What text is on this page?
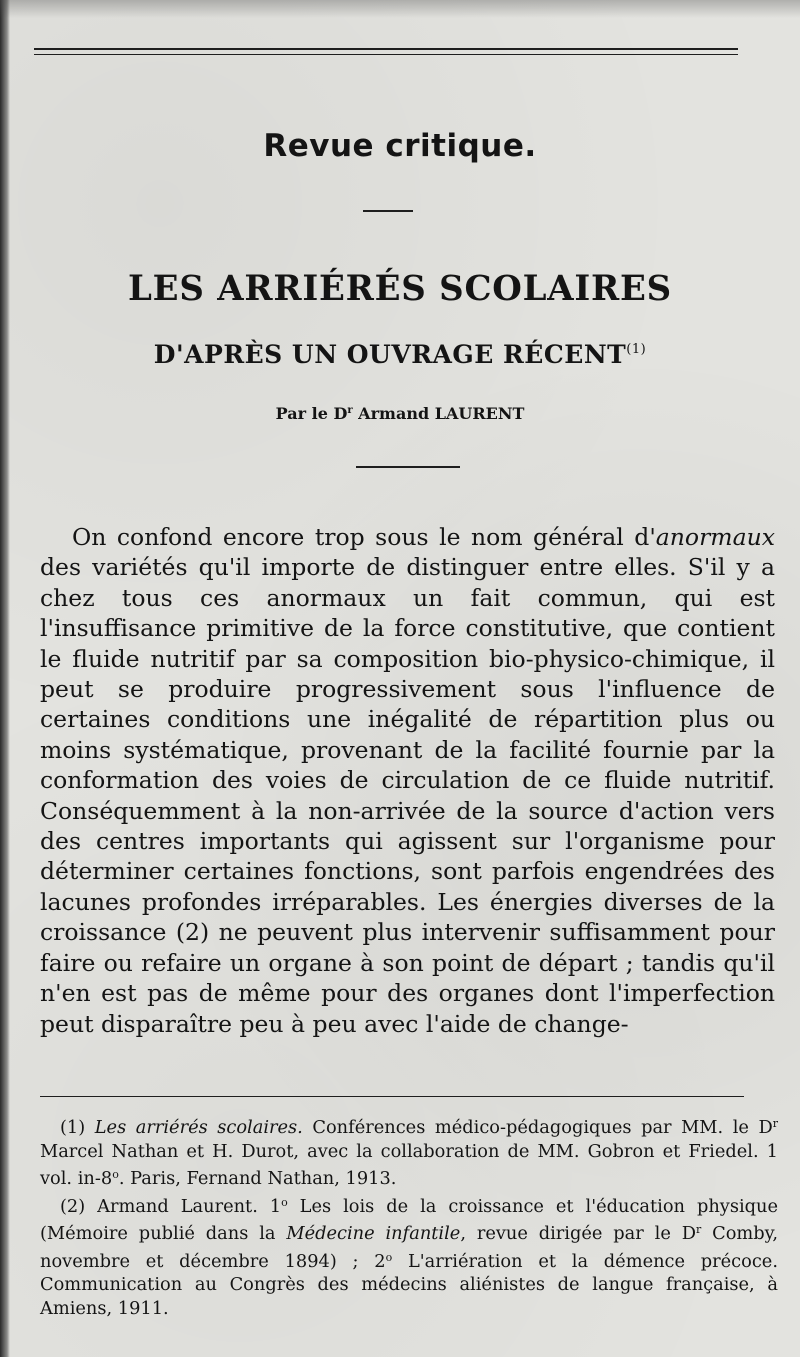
Revue critique.
LES ARRIÉRÉS SCOLAIRES
D'APRÈS UN OUVRAGE RÉCENT$^{(1)}$
Par le $D^r$ Armand LAURENT

On confond encore trop sous le nom général d'anormaux des variétés qu'il importe de distinguer entre elles. S'il y a chez tous ces anormaux un fait commun, qui est l'insuffisance primitive de la force constitutive, que contient le fluide nutritif par sa composition bio-physico-chimique, il peut se produire progressivement sous l'influence de certaines conditions une inégalité de répartition plus ou moins systématique, provenant de la facilité fournie par la conformation des voies de circulation de ce fluide nutritif. Conséquemment à la non-arrivée de la source d'action vers des centres importants qui agissent sur l'organisme pour déterminer certaines fonctions, sont parfois engendrées des lacunes profondes irréparables. Les énergies diverses de la croissance (2) ne peuvent plus intervenir suffisamment pour faire ou refaire un organe à son point de départ ; tandis qu'il n'en est pas de même pour des organes dont l'imperfection peut disparaître peu à peu avec l'aide de change-

(1) Les arriérés scolaires. Conférences médico-pédagogiques par MM. le $D^r$ Marcel Nathan et H. Durot, avec la collaboration de MM. Gobron et Friedel. 1 vol. in-8$^o$. Paris, Fernand Nathan, 1913.

(2) Armand Laurent. 1$^o$ Les lois de la croissance et l'éducation physique (Mémoire publié dans la Médecine infantile, revue dirigée par le $D^r$ Comby, novembre et décembre 1894) ; 2$^o$ L'arriération et la démence précoce. Communication au Congrès des médecins aliénistes de langue française, à Amiens, 1911.
